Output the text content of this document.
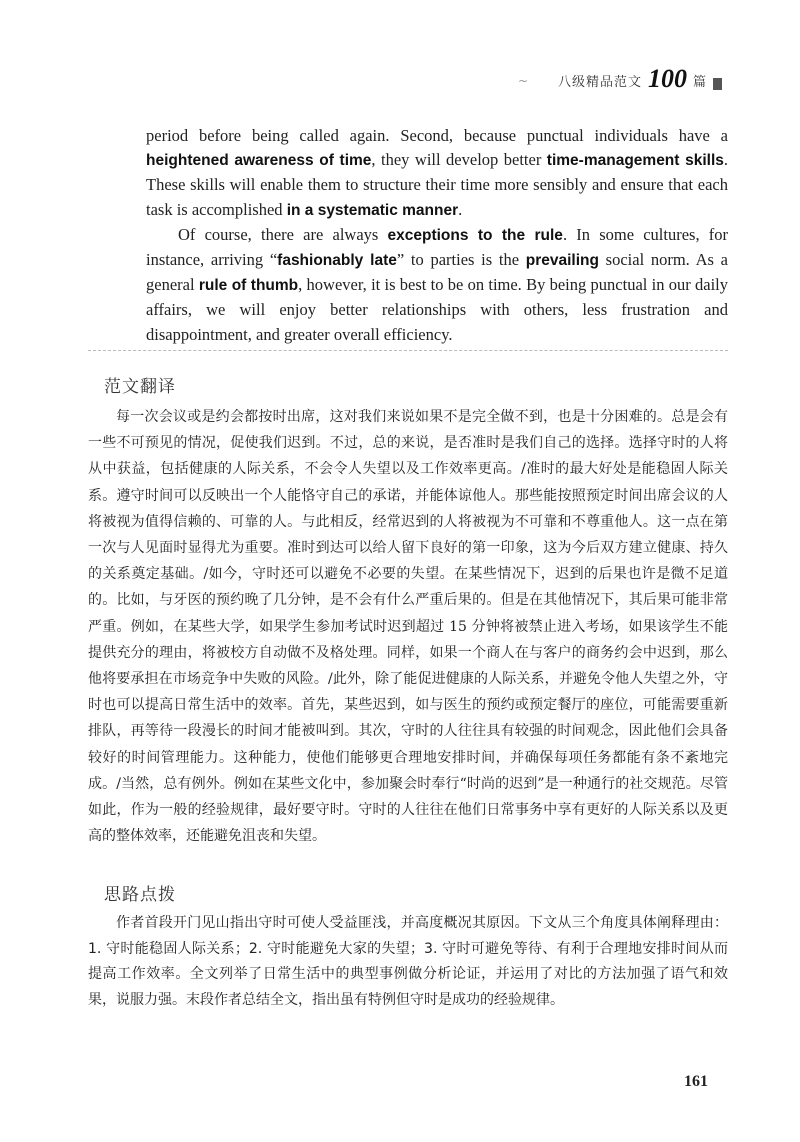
~ 八级精品范文 100 篇

period before being called again. Second, because punctual individuals have a heightened awareness of time, they will develop better time-management skills. These skills will enable them to structure their time more sensibly and ensure that each task is accomplished in a systematic manner.

Of course, there are always exceptions to the rule. In some cultures, for instance, arriving “fashionably late” to parties is the prevailing social norm. As a general rule of thumb, however, it is best to be on time. By being punctual in our daily affairs, we will enjoy better relationships with others, less frustration and disappointment, and greater overall efficiency.

范文翻译

每一次会议或是约会都按时出席，这对我们来说如果不是完全做不到，也是十分困难的。总是会有一些不可预见的情况，促使我们迟到。不过，总的来说，是否准时是我们自己的选择。选择守时的人将从中获益，包括健康的人际关系，不会令人失望以及工作效率更高。/准时的最大好处是能稳固人际关系。遵守时间可以反映出一个人能恪守自己的承诺，并能体谅他人。那些能按照预定时间出席会议的人将被视为值得信赖的、可靠的人。与此相反，经常迟到的人将被视为不可靠和不尊重他人。这一点在第一次与人见面时显得尤为重要。准时到达可以给人留下良好的第一印象，这为今后双方建立健康、持久的关系奠定基础。/如今，守时还可以避免不必要的失望。在某些情况下，迟到的后果也许是微不足道的。比如，与牙医的预约晚了几分钟，是不会有什么严重后果的。但是在其他情况下，其后果可能非常严重。例如，在某些大学，如果学生参加考试时迟到超过 15 分钟将被禁止进入考场，如果该学生不能提供充分的理由，将被校方自动做不及格处理。同样，如果一个商人在与客户的商务约会中迟到，那么他将要承担在市场竞争中失败的风险。/此外，除了能促进健康的人际关系，并避免令他人失望之外，守时也可以提高日常生活中的效率。首先，某些迟到，如与医生的预约或预定餐厅的座位，可能需要重新排队，再等待一段漫长的时间才能被叫到。其次，守时的人往往具有较强的时间观念，因此他们会具备较好的时间管理能力。这种能力，使他们能够更合理地安排时间，并确保每项任务都能有条不紊地完成。/当然，总有例外。例如在某些文化中，参加聚会时奉行“时尚的迟到”是一种通行的社交规范。尽管如此，作为一般的经验规律，最好要守时。守时的人往往在他们日常事务中享有更好的人际关系以及更高的整体效率，还能避免沮丧和失望。

思路点拨

作者首段开门见山指出守时可使人受益匪浅，并高度概况其原因。下文从三个角度具体阐释理由：1. 守时能稳固人际关系；2. 守时能避免大家的失望；3. 守时可避免等待、有利于合理地安排时间从而提高工作效率。全文列举了日常生活中的典型事例做分析论证，并运用了对比的方法加强了语气和效果，说服力强。末段作者总结全文，指出虽有特例但守时是成功的经验规律。

161
